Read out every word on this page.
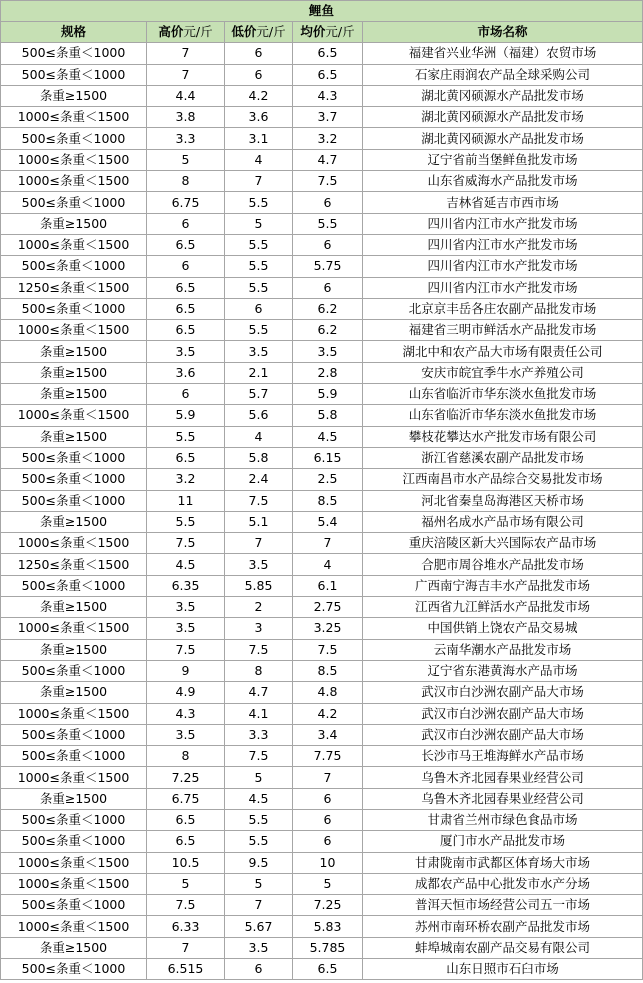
鲤鱼				
规格	高价元/斤	低价元/斤	均价元/斤	市场名称
500≤条重＜1000	7	6	6.5	福建省兴业华洲（福建）农贸市场
500≤条重＜1000	7	6	6.5	石家庄雨润农产品全球采购公司
条重≥1500	4.4	4.2	4.3	湖北黄冈硕源水产品批发市场
1000≤条重＜1500	3.8	3.6	3.7	湖北黄冈硕源水产品批发市场
500≤条重＜1000	3.3	3.1	3.2	湖北黄冈硕源水产品批发市场
1000≤条重＜1500	5	4	4.7	辽宁省前当堡鲜鱼批发市场
1000≤条重＜1500	8	7	7.5	山东省威海水产品批发市场
500≤条重＜1000	6.75	5.5	6	吉林省延吉市西市场
条重≥1500	6	5	5.5	四川省内江市水产批发市场
1000≤条重＜1500	6.5	5.5	6	四川省内江市水产批发市场
500≤条重＜1000	6	5.5	5.75	四川省内江市水产批发市场
1250≤条重＜1500	6.5	5.5	6	四川省内江市水产批发市场
500≤条重＜1000	6.5	6	6.2	北京京丰岳各庄农副产品批发市场
1000≤条重＜1500	6.5	5.5	6.2	福建省三明市鲜活水产品批发市场
条重≥1500	3.5	3.5	3.5	湖北中和农产品大市场有限责任公司
条重≥1500	3.6	2.1	2.8	安庆市皖宜季牛水产养殖公司
条重≥1500	6	5.7	5.9	山东省临沂市华东淡水鱼批发市场
1000≤条重＜1500	5.9	5.6	5.8	山东省临沂市华东淡水鱼批发市场
条重≥1500	5.5	4	4.5	攀枝花攀达水产批发市场有限公司
500≤条重＜1000	6.5	5.8	6.15	浙江省慈溪农副产品批发市场
500≤条重＜1000	3.2	2.4	2.5	江西南昌市水产品综合交易批发市场
500≤条重＜1000	11	7.5	8.5	河北省秦皇岛海港区天桥市场
条重≥1500	5.5	5.1	5.4	福州名成水产品市场有限公司
1000≤条重＜1500	7.5	7	7	重庆涪陵区新大兴国际农产品市场
1250≤条重＜1500	4.5	3.5	4	合肥市周谷堆水产品批发市场
500≤条重＜1000	6.35	5.85	6.1	广西南宁海吉丰水产品批发市场
条重≥1500	3.5	2	2.75	江西省九江鲜活水产品批发市场
1000≤条重＜1500	3.5	3	3.25	中国供销上饶农产品交易城
条重≥1500	7.5	7.5	7.5	云南华潮水产品批发市场
500≤条重＜1000	9	8	8.5	辽宁省东港黄海水产品市场
条重≥1500	4.9	4.7	4.8	武汉市白沙洲农副产品大市场
1000≤条重＜1500	4.3	4.1	4.2	武汉市白沙洲农副产品大市场
500≤条重＜1000	3.5	3.3	3.4	武汉市白沙洲农副产品大市场
500≤条重＜1000	8	7.5	7.75	长沙市马王堆海鲜水产品市场
1000≤条重＜1500	7.25	5	7	乌鲁木齐北园春果业经营公司
条重≥1500	6.75	4.5	6	乌鲁木齐北园春果业经营公司
500≤条重＜1000	6.5	5.5	6	甘肃省兰州市绿色食品市场
500≤条重＜1000	6.5	5.5	6	厦门市水产品批发市场
1000≤条重＜1500	10.5	9.5	10	甘肃陇南市武都区体育场大市场
1000≤条重＜1500	5	5	5	成都农产品中心批发市水产分场
500≤条重＜1000	7.5	7	7.25	普洱天恒市场经营公司五一市场
1000≤条重＜1500	6.33	5.67	5.83	苏州市南环桥农副产品批发市场
条重≥1500	7	3.5	5.785	蚌埠城南农副产品交易有限公司
500≤条重＜1000	6.515	6	6.5	山东日照市石臼市场
